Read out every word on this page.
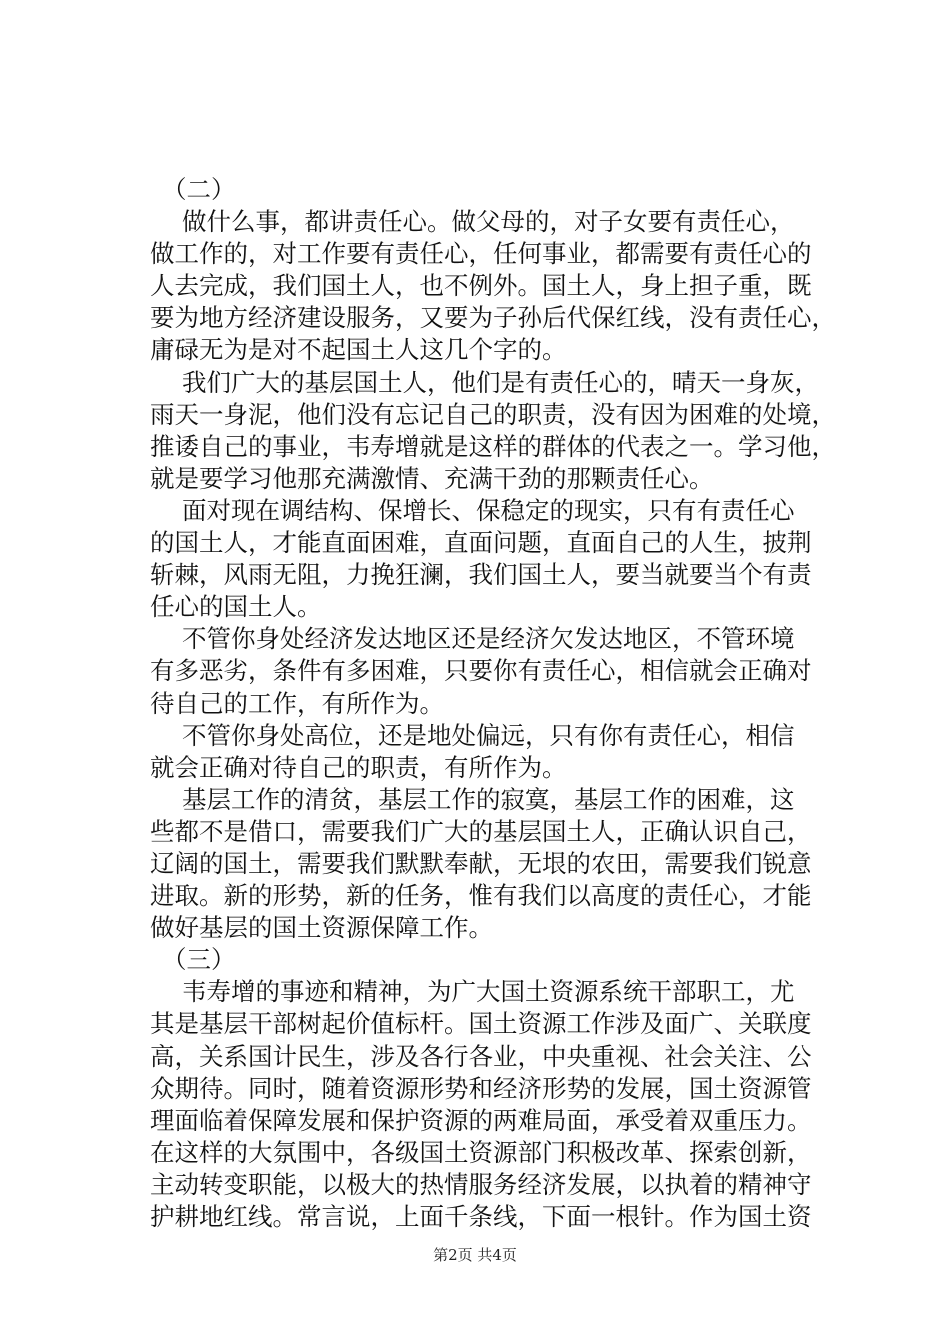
（二）
做什么事，都讲责任心。做父母的，对子女要有责任心，
做工作的，对工作要有责任心，任何事业，都需要有责任心的
人去完成，我们国土人，也不例外。国土人，身上担子重，既
要为地方经济建设服务，又要为子孙后代保红线，没有责任心，
庸碌无为是对不起国土人这几个字的。
我们广大的基层国土人，他们是有责任心的，晴天一身灰，
雨天一身泥，他们没有忘记自己的职责，没有因为困难的处境，
推诿自己的事业，韦寿增就是这样的群体的代表之一。学习他，
就是要学习他那充满激情、充满干劲的那颗责任心。
面对现在调结构、保增长、保稳定的现实，只有有责任心
的国土人，才能直面困难，直面问题，直面自己的人生，披荆
斩棘，风雨无阻，力挽狂澜，我们国土人，要当就要当个有责
任心的国土人。
不管你身处经济发达地区还是经济欠发达地区，不管环境
有多恶劣，条件有多困难，只要你有责任心，相信就会正确对
待自己的工作，有所作为。
不管你身处高位，还是地处偏远，只有你有责任心，相信
就会正确对待自己的职责，有所作为。
基层工作的清贫，基层工作的寂寞，基层工作的困难，这
些都不是借口，需要我们广大的基层国土人，正确认识自己，
辽阔的国土，需要我们默默奉献，无垠的农田，需要我们锐意
进取。新的形势，新的任务，惟有我们以高度的责任心，才能
做好基层的国土资源保障工作。
（三）
韦寿增的事迹和精神，为广大国土资源系统干部职工，尤
其是基层干部树起价值标杆。国土资源工作涉及面广、关联度
高，关系国计民生，涉及各行各业，中央重视、社会关注、公
众期待。同时，随着资源形势和经济形势的发展，国土资源管
理面临着保障发展和保护资源的两难局面，承受着双重压力。
在这样的大氛围中，各级国土资源部门积极改革、探索创新，
主动转变职能，以极大的热情服务经济发展，以执着的精神守
护耕地红线。常言说，上面千条线，下面一根针。作为国土资
第2页 共4页
